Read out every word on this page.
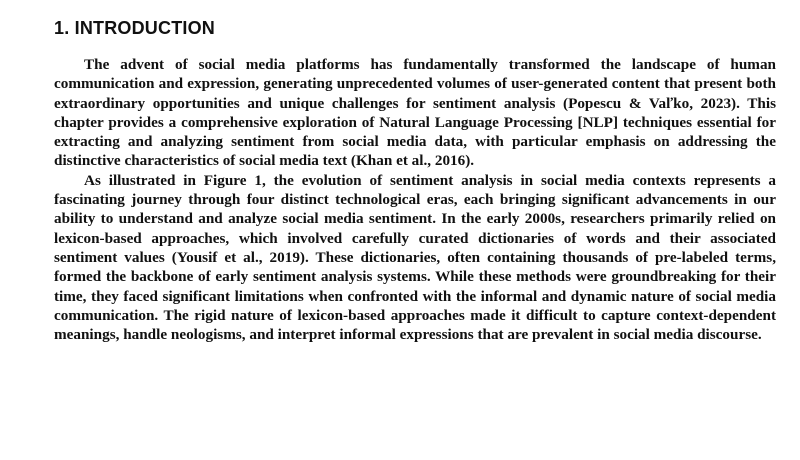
1. INTRODUCTION

The advent of social media platforms has fundamentally transformed the landscape of human communication and expression, generating unprecedented volumes of user-generated content that present both extraordinary opportunities and unique challenges for sentiment analysis (Popescu & Vaľko, 2023). This chapter provides a comprehensive exploration of Natural Language Processing [NLP] techniques essential for extracting and analyzing sentiment from social media data, with particular emphasis on addressing the distinctive characteristics of social media text (Khan et al., 2016).

As illustrated in Figure 1, the evolution of sentiment analysis in social media contexts represents a fascinating journey through four distinct technological eras, each bringing significant advancements in our ability to understand and analyze social media sentiment. In the early 2000s, researchers primarily relied on lexicon-based approaches, which involved carefully curated dictionaries of words and their associated sentiment values (Yousif et al., 2019). These dictionaries, often containing thousands of pre-labeled terms, formed the backbone of early sentiment analysis systems. While these methods were groundbreaking for their time, they faced significant limitations when confronted with the informal and dynamic nature of social media communication. The rigid nature of lexicon-based approaches made it difficult to capture context-dependent meanings, handle neologisms, and interpret informal expressions that are prevalent in social media discourse.
